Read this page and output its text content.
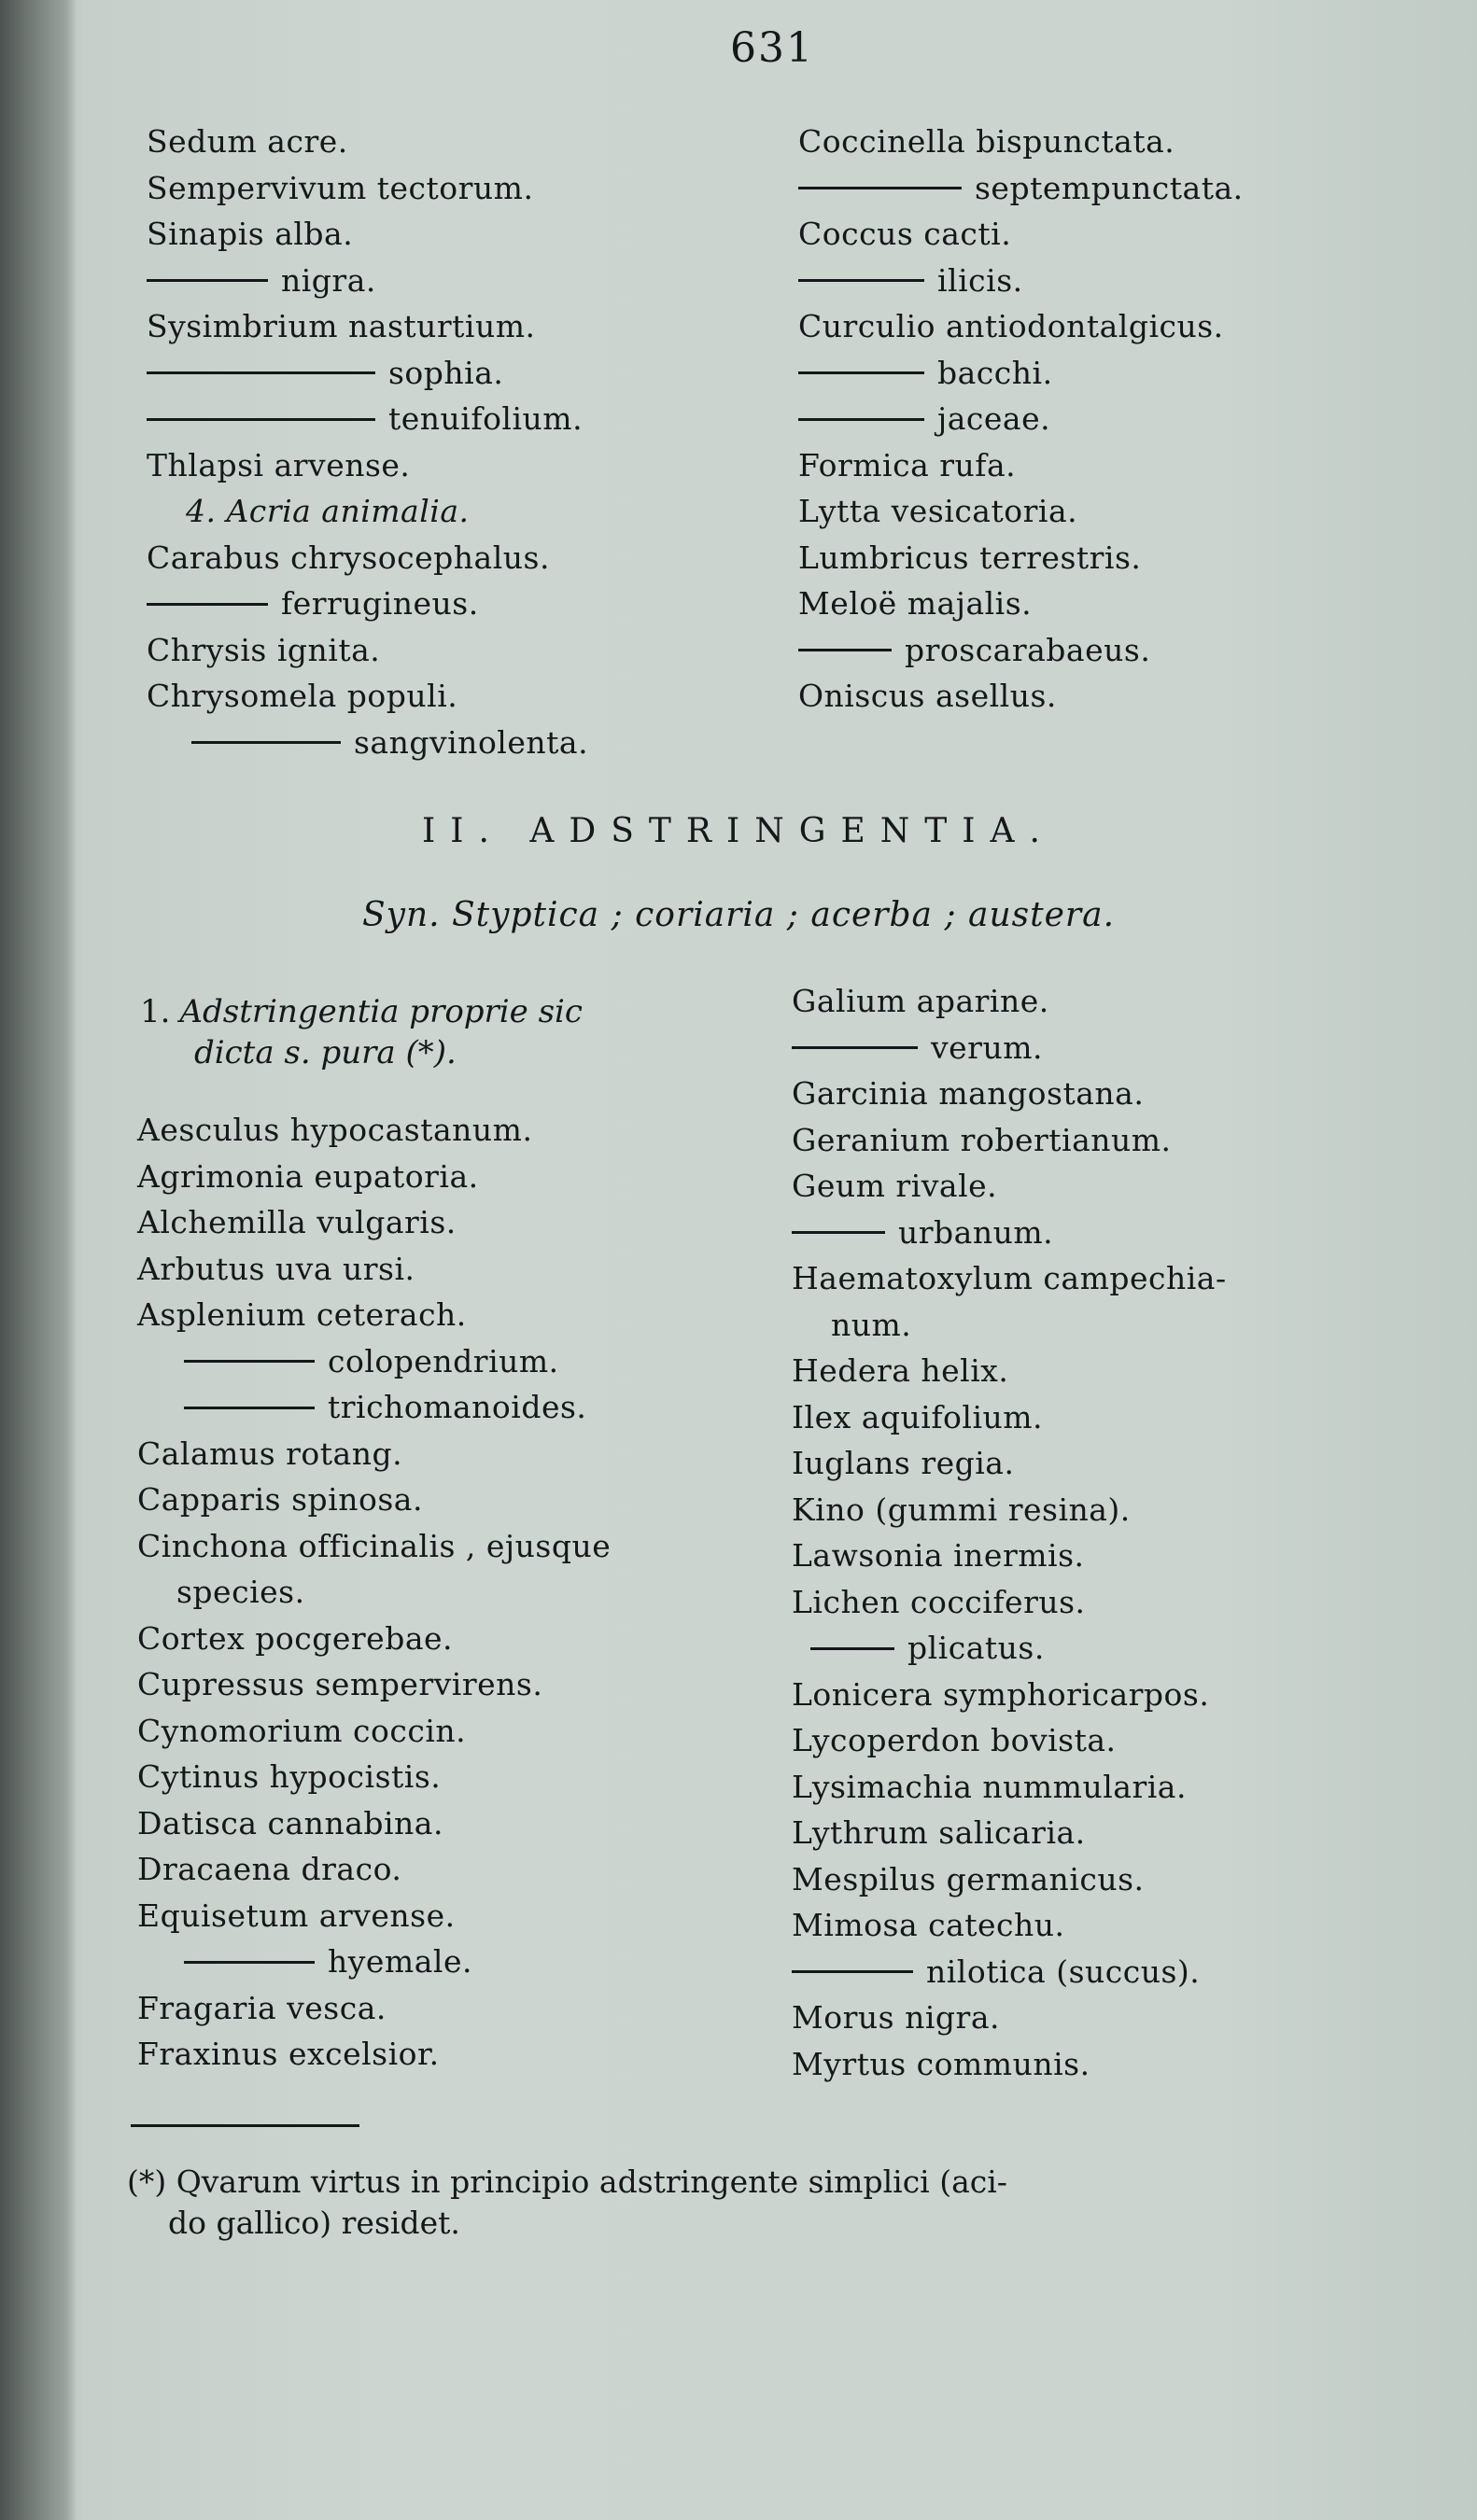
631
Sedum acre.
Sempervivum tectorum.
Sinapis alba.
nigra.
Sysimbrium nasturtium.
sophia.
tenuifolium.
Thlapsi arvense.
4. Acria animalia.
Carabus chrysocephalus.
ferrugineus.
Chrysis ignita.
Chrysomela populi.
sangvinolenta.
Coccinella bispunctata.
septempunctata.
Coccus cacti.
ilicis.
Curculio antiodontalgicus.
bacchi.
jaceae.
Formica rufa.
Lytta vesicatoria.
Lumbricus terrestris.
Meloë majalis.
proscarabaeus.
Oniscus asellus.
II. ADSTRINGENTIA.
Syn. Styptica ; coriaria ; acerba ; austera.
1. Adstringentia proprie sic
dicta s. pura (*).
Aesculus hypocastanum.
Agrimonia eupatoria.
Alchemilla vulgaris.
Arbutus uva ursi.
Asplenium ceterach.
colopendrium.
trichomanoides.
Calamus rotang.
Capparis spinosa.
Cinchona officinalis , ejusque
species.
Cortex pocgerebae.
Cupressus sempervirens.
Cynomorium coccin.
Cytinus hypocistis.
Datisca cannabina.
Dracaena draco.
Equisetum arvense.
hyemale.
Fragaria vesca.
Fraxinus excelsior.
Galium aparine.
verum.
Garcinia mangostana.
Geranium robertianum.
Geum rivale.
urbanum.
Haematoxylum campechia-
num.
Hedera helix.
Ilex aquifolium.
Iuglans regia.
Kino (gummi resina).
Lawsonia inermis.
Lichen cocciferus.
plicatus.
Lonicera symphoricarpos.
Lycoperdon bovista.
Lysimachia nummularia.
Lythrum salicaria.
Mespilus germanicus.
Mimosa catechu.
nilotica (succus).
Morus nigra.
Myrtus communis.
(*) Qvarum virtus in principio adstringente simplici (aci-
do gallico) residet.
